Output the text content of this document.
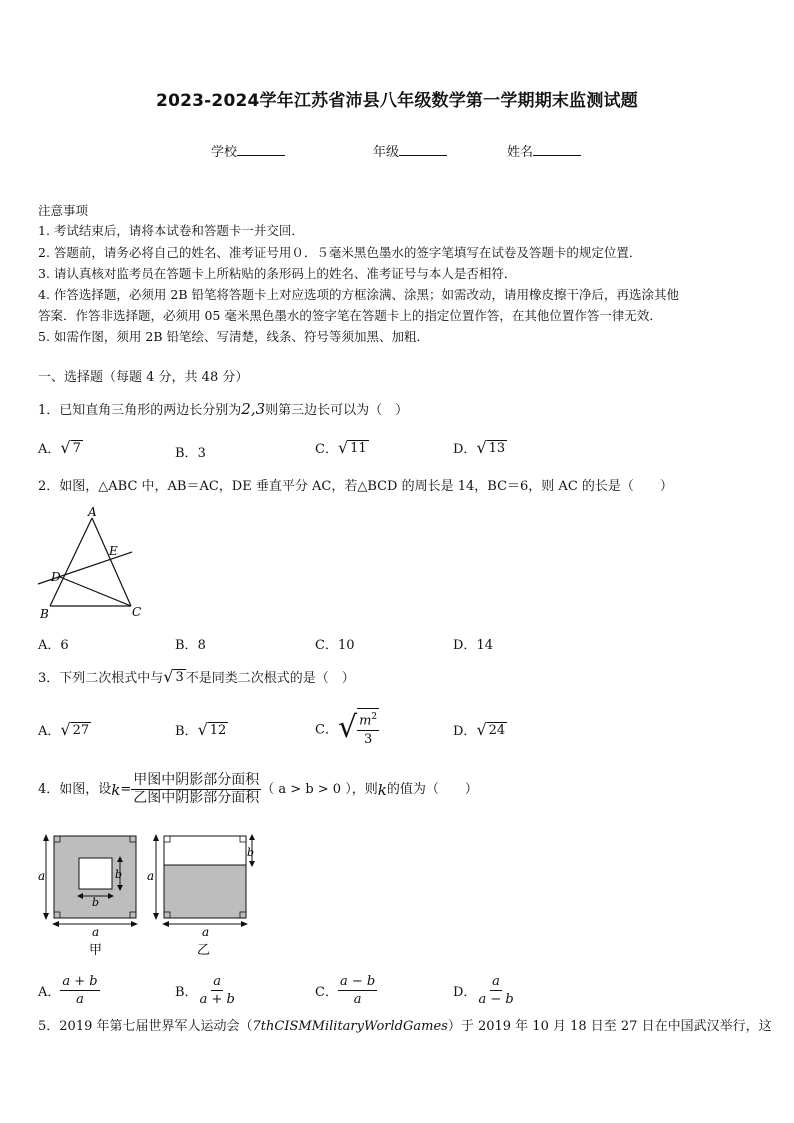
2023-2024学年江苏省沛县八年级数学第一学期期末监测试题
学校	年级	姓名
注意事项
1. 考试结束后，请将本试卷和答题卡一并交回．
2. 答题前，请务必将自己的姓名、准考证号用０．５毫米黑色墨水的签字笔填写在试卷及答题卡的规定位置．
3. 请认真核对监考员在答题卡上所粘贴的条形码上的姓名、准考证号与本人是否相符．
4. 作答选择题，必须用 2B 铅笔将答题卡上对应选项的方框涂满、涂黑；如需改动，请用橡皮擦干净后，再选涂其他
答案．作答非选择题，必须用 05 毫米黑色墨水的签字笔在答题卡上的指定位置作答，在其他位置作答一律无效．
5. 如需作图，须用 2B 铅笔绘、写清楚，线条、符号等须加黑、加粗．
一、选择题（每题 4 分，共 48 分）
1．已知直角三角形的两边长分别为2,3则第三边长可以为（　）
A． √ 7	B．3	C． √ 11	D． √ 13
2．如图，△ABC 中，AB＝AC，DE 垂直平分 AC，若△BCD 的周长是 14，BC＝6，则 AC 的长是（　　）
A
E
D
B	C
A．6	B．8	C．10	D．14
3．下列二次根式中与 √ 3 不是同类二次根式的是（　）
A． √ 27	B． √ 12	C． √ $\frac{m^2}{3}$	D． √ 24
4．如图，设 $k = \frac{\text{甲图中阴影部分面积}}{\text{乙图中阴影部分面积}}$ （ a > b > 0 ），则 k 的值为（　　）
a
a
b
b
甲
a
a
b
乙
A． $\frac{a + b}{a}$	B． $\frac{a}{a + b}$	C． $\frac{a - b}{a}$	D． $\frac{a}{a - b}$
5．2019 年第七届世界军人运动会（7thCISMMilitaryWorldGames）于 2019 年 10 月 18 日至 27 日在中国武汉举行，这
